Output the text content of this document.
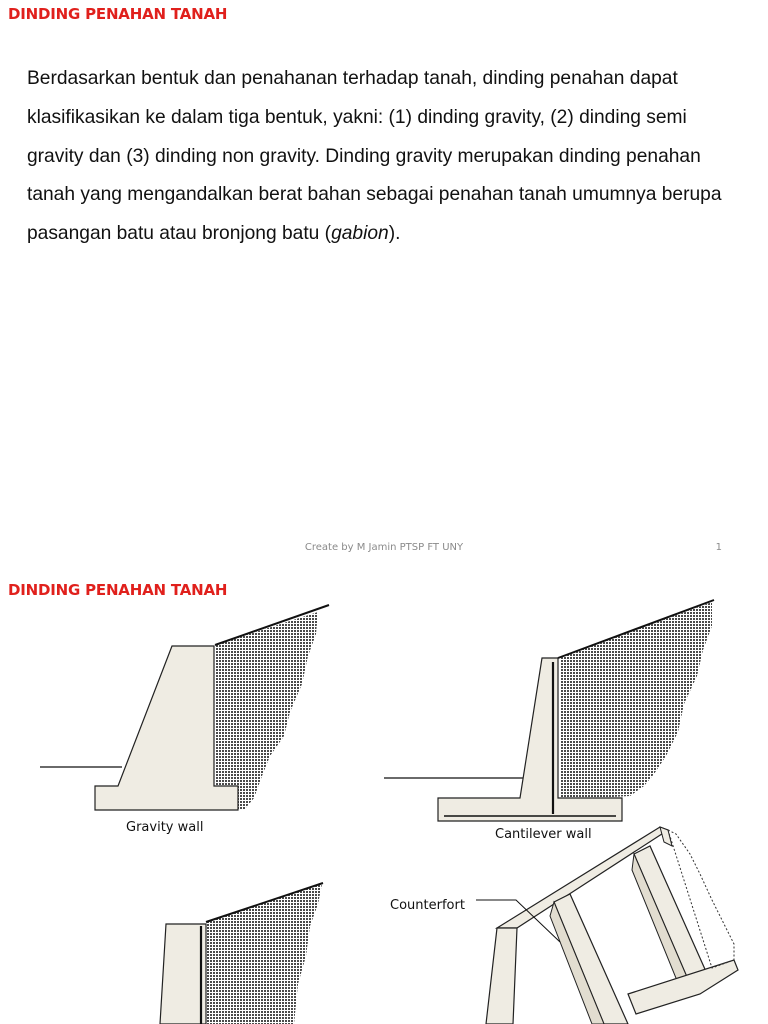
DINDING PENAHAN TANAH

Berdasarkan bentuk dan penahanan terhadap tanah, dinding penahan dapat klasifikasikan ke dalam tiga bentuk, yakni: (1) dinding gravity, (2) dinding semi gravity dan (3) dinding non gravity. Dinding gravity merupakan dinding penahan tanah yang mengandalkan berat bahan sebagai penahan tanah umumnya berupa pasangan batu atau bronjong batu (gabion).

Create by M Jamin PTSP FT UNY	1
Gravity wall	Cantilever wall
Counterfort
DINDING PENAHAN TANAH
